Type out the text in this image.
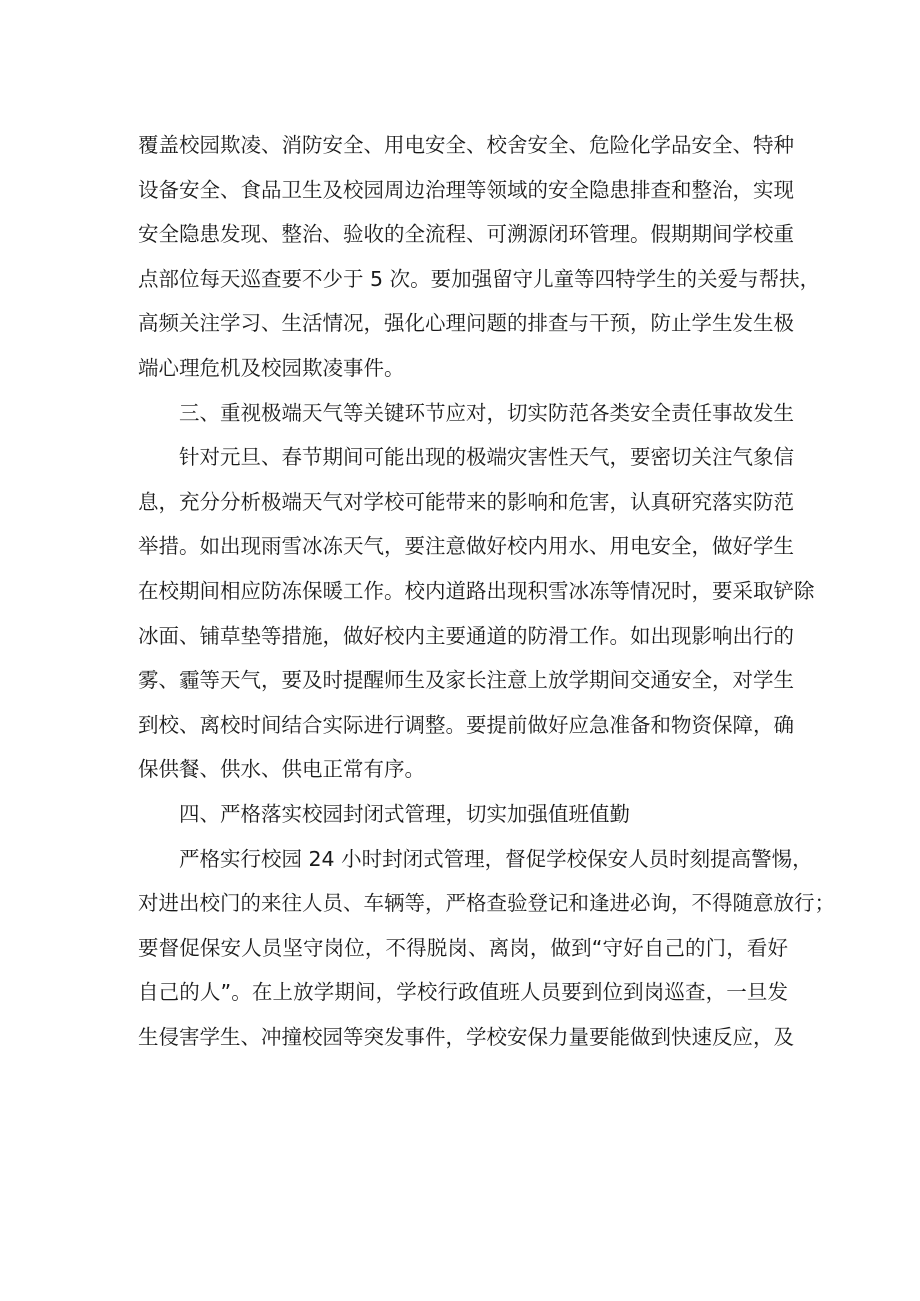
覆盖校园欺凌、消防安全、用电安全、校舍安全、危险化学品安全、特种
设备安全、食品卫生及校园周边治理等领域的安全隐患排查和整治，实现
安全隐患发现、整治、验收的全流程、可溯源闭环管理。假期期间学校重
点部位每天巡查要不少于 5 次。要加强留守儿童等四特学生的关爱与帮扶，
高频关注学习、生活情况，强化心理问题的排查与干预，防止学生发生极
端心理危机及校园欺凌事件。
三、重视极端天气等关键环节应对，切实防范各类安全责任事故发生
针对元旦、春节期间可能出现的极端灾害性天气，要密切关注气象信
息，充分分析极端天气对学校可能带来的影响和危害，认真研究落实防范
举措。如出现雨雪冰冻天气，要注意做好校内用水、用电安全，做好学生
在校期间相应防冻保暖工作。校内道路出现积雪冰冻等情况时，要采取铲除
冰面、铺草垫等措施，做好校内主要通道的防滑工作。如出现影响出行的
雾、霾等天气，要及时提醒师生及家长注意上放学期间交通安全，对学生
到校、离校时间结合实际进行调整。要提前做好应急准备和物资保障，确
保供餐、供水、供电正常有序。
四、严格落实校园封闭式管理，切实加强值班值勤
严格实行校园 24 小时封闭式管理，督促学校保安人员时刻提高警惕，
对进出校门的来往人员、车辆等，严格查验登记和逢进必询，不得随意放行；
要督促保安人员坚守岗位，不得脱岗、离岗，做到“守好自己的门，看好
自己的人”。在上放学期间，学校行政值班人员要到位到岗巡查，一旦发
生侵害学生、冲撞校园等突发事件，学校安保力量要能做到快速反应，及
